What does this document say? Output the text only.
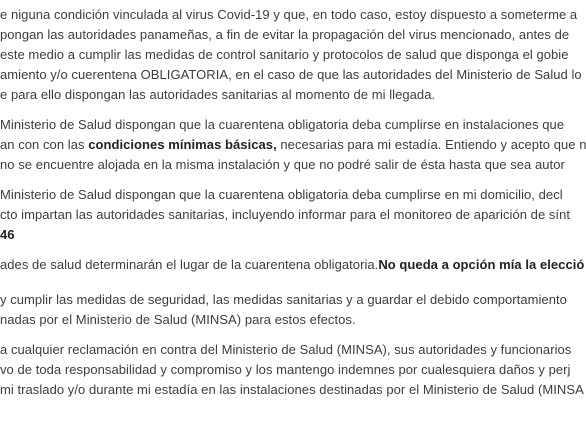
e niguna condición vinculada al virus Covid-19 y que, en todo caso, estoy dispuesto a someterme a
pongan las autoridades panameñas, a fin de evitar la propagación del virus mencionado, antes de
este medio a cumplir las medidas de control sanitario y protocolos de salud que disponga el gobie
amiento y/o cuerentena OBLIGATORIA, en el caso de que las autoridades del Ministerio de Salud lo
e para ello dispongan las autoridades sanitarias al momento de mi llegada.
Ministerio de Salud dispongan que la cuarentena obligatoria deba cumplirse en instalaciones que
an con con las condiciones mínimas básicas, necesarias para mi estadía. Entiendo y acepto que n
no se encuentre alojada en la misma instalación y que no podré salir de ésta hasta que sea autor
Ministerio de Salud dispongan que la cuarentena obligatoria deba cumplirse en mi domicilio, decl
cto impartan las autoridades sanitarias, incluyendo informar para el monitoreo de aparición de sínt
46
ades de salud determinarán el lugar de la cuarentena obligatoria.No queda a opción mía la elecció
y cumplir las medidas de seguridad, las medidas sanitarias y a guardar el debido comportamiento
nadas por el Ministerio de Salud (MINSA) para estos efectos.
a cualquier reclamación en contra del Ministerio de Salud (MINSA), sus autoridades y funcionarios
vo de toda responsabilidad y compromiso y los mantengo indemnes por cualesquiera daños y perj
mi traslado y/o durante mi estadía en las instalaciones destinadas por el Ministerio de Salud (MINSA
